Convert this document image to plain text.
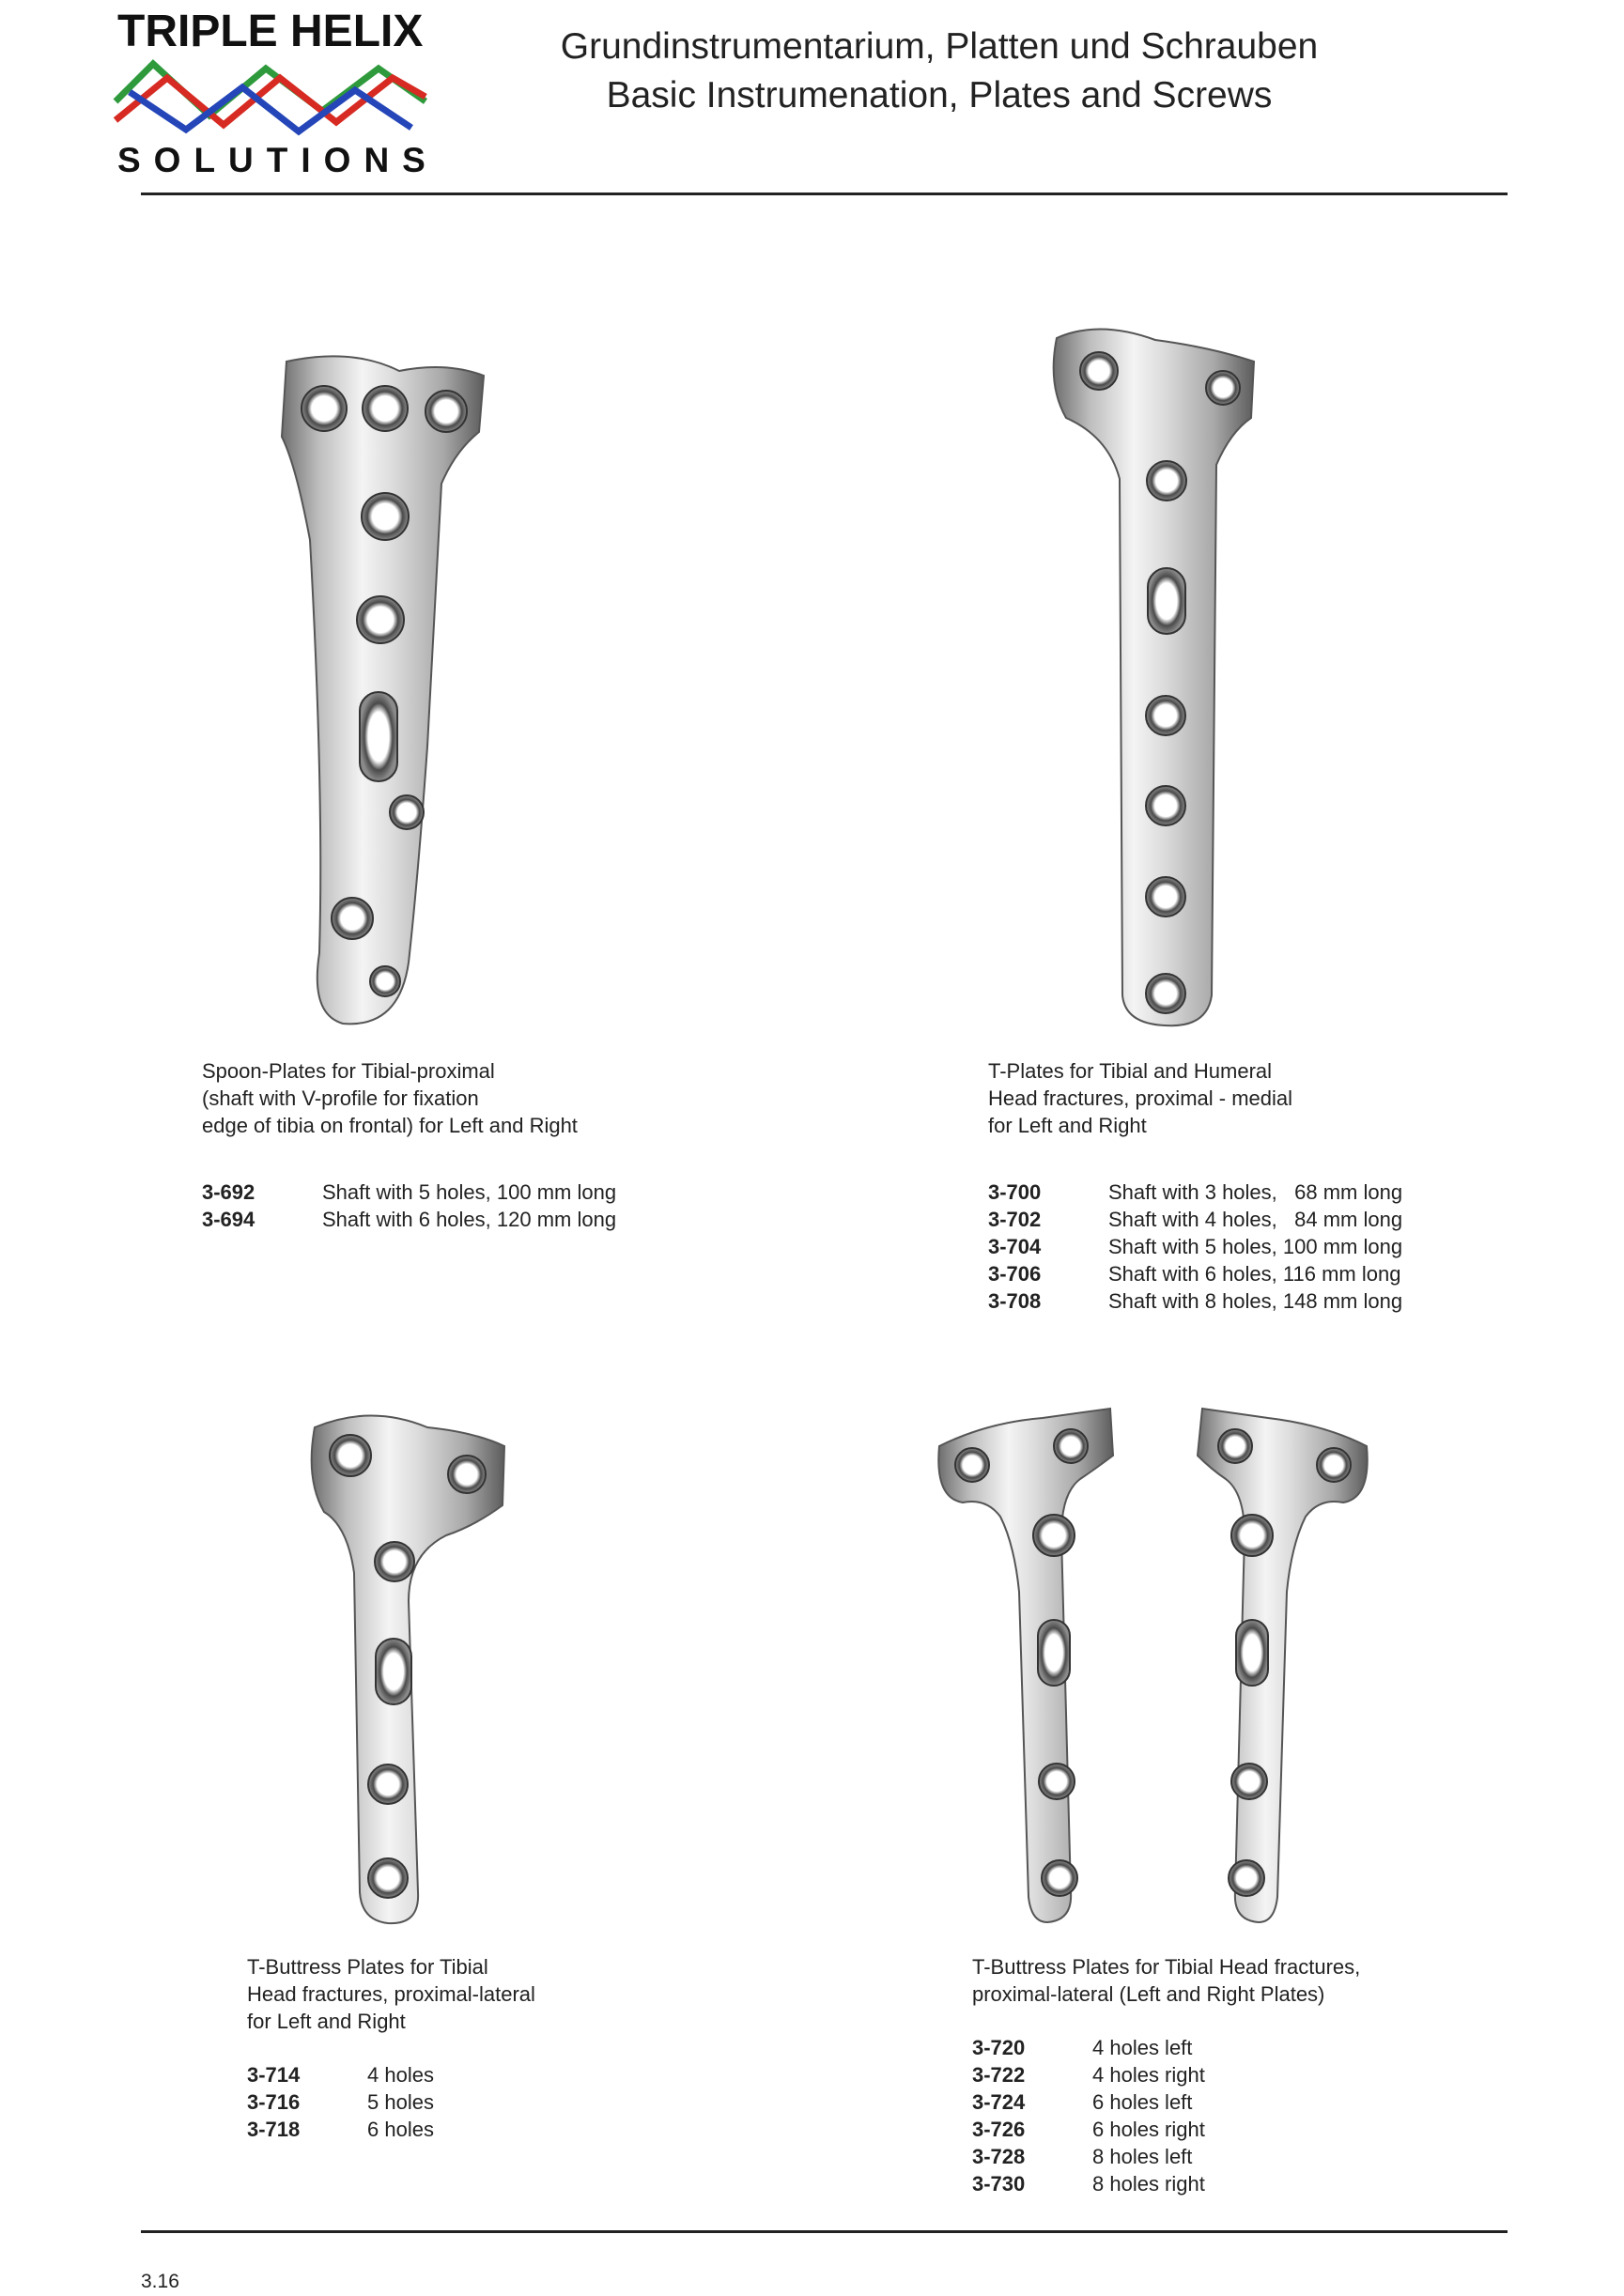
TRIPLE HELIX
SOLUTIONS
Grundinstrumentarium, Platten und Schrauben
Basic Instrumenation, Plates and Screws
Spoon-Plates for Tibial-proximal
(shaft with V-profile for fixation
edge of tibia on frontal) for Left and Right
3-692	Shaft with 5 holes, 100 mm long
3-694	Shaft with 6 holes, 120 mm long
T-Plates for Tibial and Humeral
Head fractures, proximal - medial
for Left and Right
3-700	Shaft with 3 holes,   68 mm long
3-702	Shaft with 4 holes,   84 mm long
3-704	Shaft with 5 holes, 100 mm long
3-706	Shaft with 6 holes, 116 mm long
3-708	Shaft with 8 holes, 148 mm long
T-Buttress Plates for Tibial
Head fractures, proximal-lateral
for Left and Right
3-714	4 holes
3-716	5 holes
3-718	6 holes
T-Buttress Plates for Tibial Head fractures,
proximal-lateral (Left and Right Plates)
3-720	4 holes left
3-722	4 holes right
3-724	6 holes left
3-726	6 holes right
3-728	8 holes left
3-730	8 holes right
3.16
